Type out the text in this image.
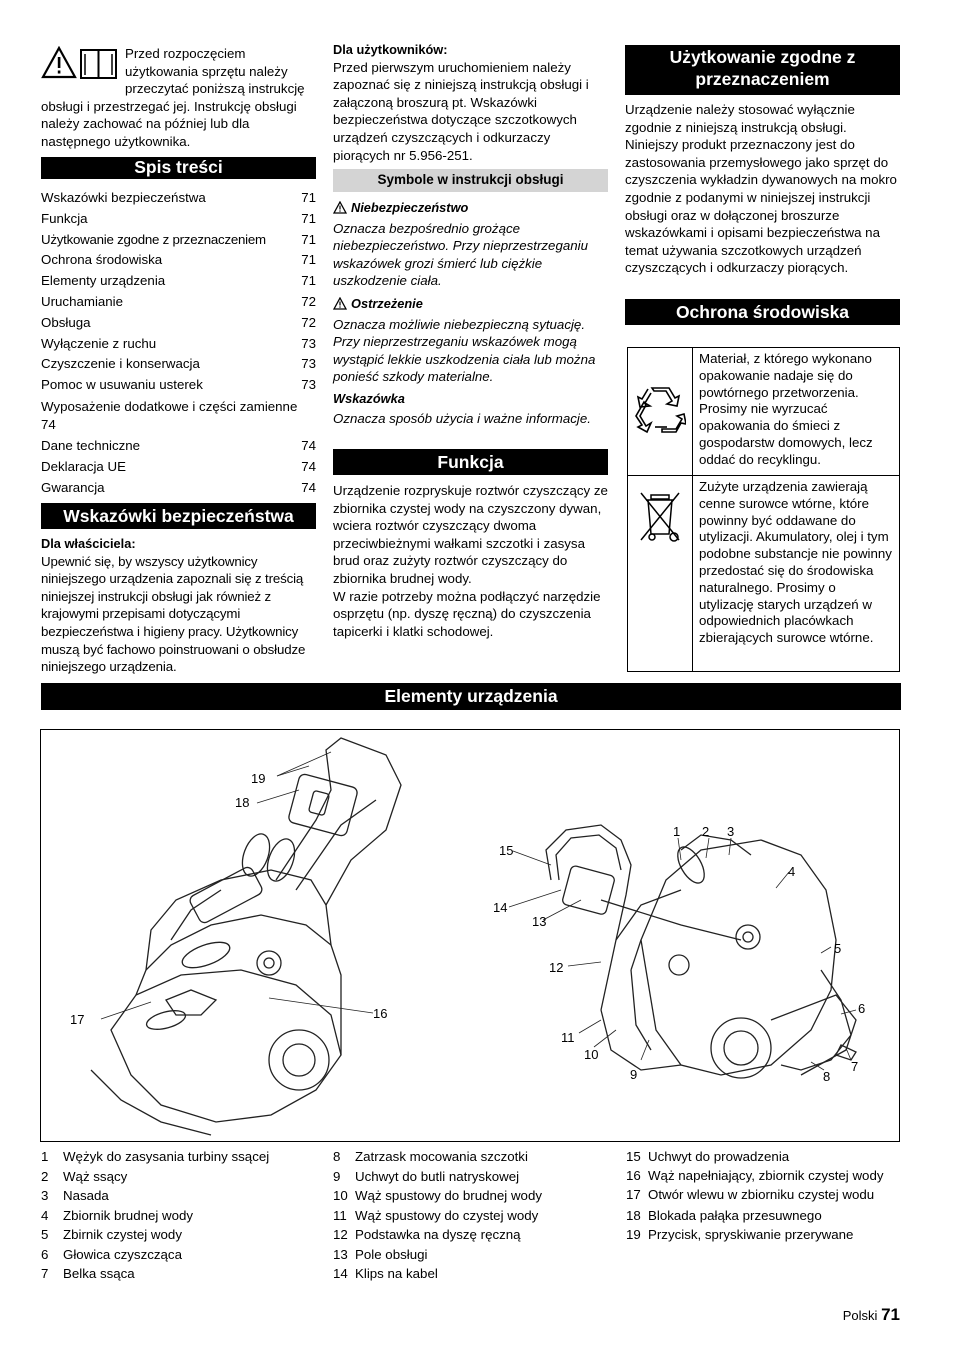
Przed rozpoczęciem użytkowania sprzętu należy

przeczytać poniższą instrukcję obsługi i przestrzegać jej. Instrukcję obsługi należy zachować na później lub dla następnego użytkownika.

Spis treści
Wskazówki bezpieczeństwa	71
Funkcja	71
Użytkowanie zgodne z przeznaczeniem	71
Ochrona środowiska	71
Elementy urządzenia	71
Uruchamianie	72
Obsługa	72
Wyłączenie z ruchu	73
Czyszczenie i konserwacja	73
Pomoc w usuwaniu usterek	73
Wyposażenie dodatkowe i części zamienne
74
Dane techniczne	74
Deklaracja UE	74
Gwarancja	74
Wskazówki bezpieczeństwa

Dla właściciela:

Upewnić się, by wszyscy użytkownicy niniejszego urządzenia zapoznali się z treścią niniejszej instrukcji obsługi jak również z krajowymi przepisami dotyczącymi bezpieczeństwa i higieny pracy. Użytkownicy muszą być fachowo poinstruowani o obsłudze niniejszego urządzenia.

Dla użytkowników:

Przed pierwszym uruchomieniem należy zapoznać się z niniejszą instrukcją obsługi i załączoną broszurą pt. Wskazówki bezpieczeństwa dotyczące szczotkowych urządzeń czyszczących i odkurzaczy piorących nr 5.956-251.

Symbole w instrukcji obsługi

Niebezpieczeństwo

Oznacza bezpośrednio grożące niebezpieczeństwo. Przy nieprzestrzeganiu wskazówek grozi śmierć lub ciężkie uszkodzenie ciała.

Ostrzeżenie

Oznacza możliwie niebezpieczną sytuację. Przy nieprzestrzeganiu wskazówek mogą wystąpić lekkie uszkodzenia ciała lub można ponieść szkody materialne.

Wskazówka

Oznacza sposób użycia i ważne informacje.

Funkcja

Urządzenie rozpryskuje roztwór czyszczący ze zbiornika czystej wody na czyszczony dywan, wciera roztwór czyszczący dwoma przeciwbieżnymi wałkami szczotki i zasysa brud oraz zużyty roztwór czyszczący do zbiornika brudnej wody.

W razie potrzeby można podłączyć narzędzie osprzętu (np. dyszę ręczną) do czyszczenia tapicerki i klatki schodowej.

Użytkowanie zgodne z przeznaczeniem

Urządzenie należy stosować wyłącznie zgodnie z niniejszą instrukcją obsługi. Niniejszy produkt przeznaczony jest do zastosowania przemysłowego jako sprzęt do czyszczenia wykładzin dywanowych na mokro zgodnie z podanymi w niniejszej instrukcji obsługi oraz w dołączonej broszurze wskazówkami i opisami bezpieczeństwa na temat używania szczotkowych urządzeń czyszczących i odkurzaczy piorących.

Ochrona środowiska
	Materiał, z którego wykonano opakowanie nadaje się do powtórnego przetworzenia. Prosimy nie wyrzucać opakowania do śmieci z gospodarstw domowych, lecz oddać do recyklingu.
	Zużyte urządzenia zawierają cenne surowce wtórne, które powinny być oddawane do utylizacji. Akumulatory, olej i tym podobne substancje nie powinny przedostać się do środowiska naturalnego. Prosimy o utylizację starych urządzeń w odpowiednich placówkach zbierających surowce wtórne.
Elementy urządzenia
19
18
17	16
1 2 3
4
5
6
7
8
9
10
11
12
13
14
15
1	Wężyk do zasysania turbiny ssącej
2	Wąż ssący
3	Nasada
4	Zbiornik brudnej wody
5	Zbirnik czystej wody
6	Głowica czyszcząca
7	Belka ssąca
8	Zatrzask mocowania szczotki
9	Uchwyt do butli natryskowej
10 Wąż spustowy do brudnej wody
11 Wąż spustowy do czystej wody
12 Podstawka na dyszę ręczną
13 Pole obsługi
14 Klips na kabel
15 Uchwyt do prowadzenia
16 Wąż napełniający, zbiornik czystej wody
17 Otwór wlewu w zbiorniku czystej wodu
18 Blokada pałąka przesuwnego
19 Przycisk, spryskiwanie przerywane
Polski 71
